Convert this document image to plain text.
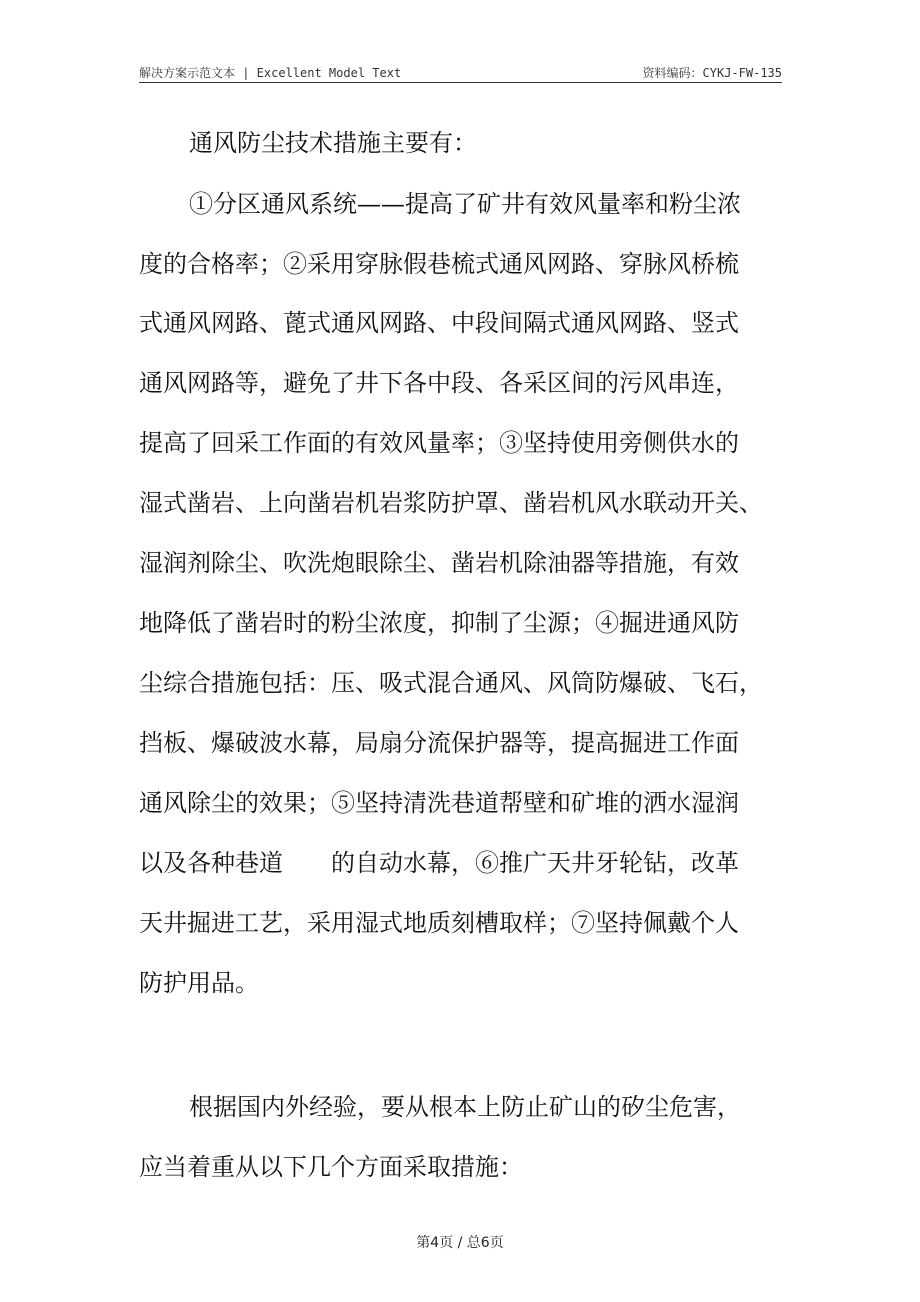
解决方案示范文本 | Excellent Model Text	资料编码：CYKJ-FW-135
通风防尘技术措施主要有：
①分区通风系统——提高了矿井有效风量率和粉尘浓
度的合格率；②采用穿脉假巷梳式通风网路、穿脉风桥梳
式通风网路、蓖式通风网路、中段间隔式通风网路、竖式
通风网路等，避免了井下各中段、各采区间的污风串连，
提高了回采工作面的有效风量率；③坚持使用旁侧供水的
湿式凿岩、上向凿岩机岩浆防护罩、凿岩机风水联动开关、
湿润剂除尘、吹洗炮眼除尘、凿岩机除油器等措施，有效
地降低了凿岩时的粉尘浓度，抑制了尘源；④掘进通风防
尘综合措施包括：压、吸式混合通风、风筒防爆破、飞石，
挡板、爆破波水幕，局扇分流保护器等，提高掘进工作面
通风除尘的效果；⑤坚持清洗巷道帮壁和矿堆的洒水湿润
以及各种巷道 的自动水幕，⑥推广天井牙轮钻，改革
天井掘进工艺，采用湿式地质刻槽取样；⑦坚持佩戴个人
防护用品。
根据国内外经验，要从根本上防止矿山的矽尘危害，
应当着重从以下几个方面采取措施：
第4页 / 总6页
